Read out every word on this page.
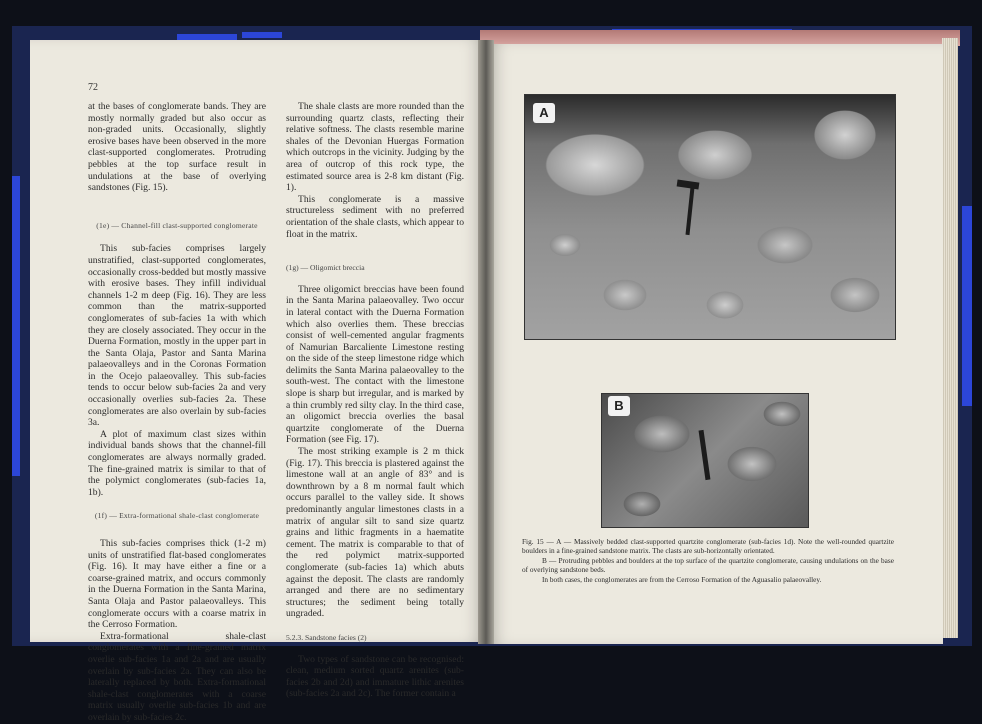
72

at the bases of conglomerate bands. They are mostly normally graded but also occur as non-graded units. Occasionally, slightly erosive bases have been observed in the more clast-supported conglomerates. Protruding pebbles at the top surface result in undulations at the base of overlying sandstones (Fig. 15).

(1e) — Channel-fill clast-supported conglomerate

This sub-facies comprises largely unstratified, clast-supported conglomerates, occasionally cross-bedded but mostly massive with erosive bases. They infill individual channels 1-2 m deep (Fig. 16). They are less common than the matrix-supported conglomerates of sub-facies 1a with which they are closely associated. They occur in the Duerna Formation, mostly in the upper part in the Santa Olaja, Pastor and Santa Marina palaeovalleys and in the Coronas Formation in the Ocejo palaeovalley. This sub-facies tends to occur below sub-facies 2a and very occasionally overlies sub-facies 2a. These conglomerates are also overlain by sub-facies 3a.

A plot of maximum clast sizes within individual bands shows that the channel-fill conglomerates are always normally graded. The fine-grained matrix is similar to that of the polymict conglomerates (sub-facies 1a, 1b).

(1f) — Extra-formational shale-clast conglomerate

This sub-facies comprises thick (1-2 m) units of unstratified flat-based conglomerates (Fig. 16). It may have either a fine or a coarse-grained matrix, and occurs commonly in the Duerna Formation in the Santa Marina, Santa Olaja and Pastor palaeovalleys. This conglomerate occurs with a coarse matrix in the Cerroso Formation.

Extra-formational shale-clast conglomerates with a fine-grained matrix overlie sub-facies 1a and 2a and are usually overlain by sub-facies 2a. They can also be laterally replaced by both. Extra-formational shale-clast conglomerates with a coarse matrix usually overlie sub-facies 1b and are overlain by sub-facies 2c.

The shale clasts are more rounded than the surrounding quartz clasts, reflecting their relative softness. The clasts resemble marine shales of the Devonian Huergas Formation which outcrops in the vicinity. Judging by the area of outcrop of this rock type, the estimated source area is 2-8 km distant (Fig. 1).

This conglomerate is a massive structureless sediment with no preferred orientation of the shale clasts, which appear to float in the matrix.

(1g) — Oligomict breccia

Three oligomict breccias have been found in the Santa Marina palaeovalley. Two occur in lateral contact with the Duerna Formation which also overlies them. These breccias consist of well-cemented angular fragments of Namurian Barcaliente Limestone resting on the side of the steep limestone ridge which delimits the Santa Marina palaeovalley to the south-west. The contact with the limestone slope is sharp but irregular, and is marked by a thin crumbly red silty clay. In the third case, an oligomict breccia overlies the basal quartzite conglomerate of the Duerna Formation (see Fig. 17).

The most striking example is 2 m thick (Fig. 17). This breccia is plastered against the limestone wall at an angle of 83° and is downthrown by a 8 m normal fault which occurs parallel to the valley side. It shows predominantly angular limestones clasts in a matrix of angular silt to sand size quartz grains and lithic fragments in a haematite cement. The matrix is comparable to that of the red polymict matrix-supported conglomerate (sub-facies 1a) which abuts against the deposit. The clasts are randomly arranged and there are no sedimentary structures; the sediment being totally ungraded.

5.2.3. Sandstone facies (2)

Two types of sandstone can be recognised: clean, medium sorted quartz arenites (sub-facies 2b and 2d) and immature lithic arenites (sub-facies 2a and 2c). The former contain a

A
B

Fig. 15 — A — Massively bedded clast-supported quartzite conglomerate (sub-facies 1d). Note the well-rounded quartzite boulders in a fine-grained sandstone matrix. The clasts are sub-horizontally orientated.

B — Protruding pebbles and boulders at the top surface of the quartzite conglomerate, causing undulations on the base of overlying sandstone beds.

In both cases, the conglomerates are from the Cerroso Formation of the Aguasalio palaeovalley.
